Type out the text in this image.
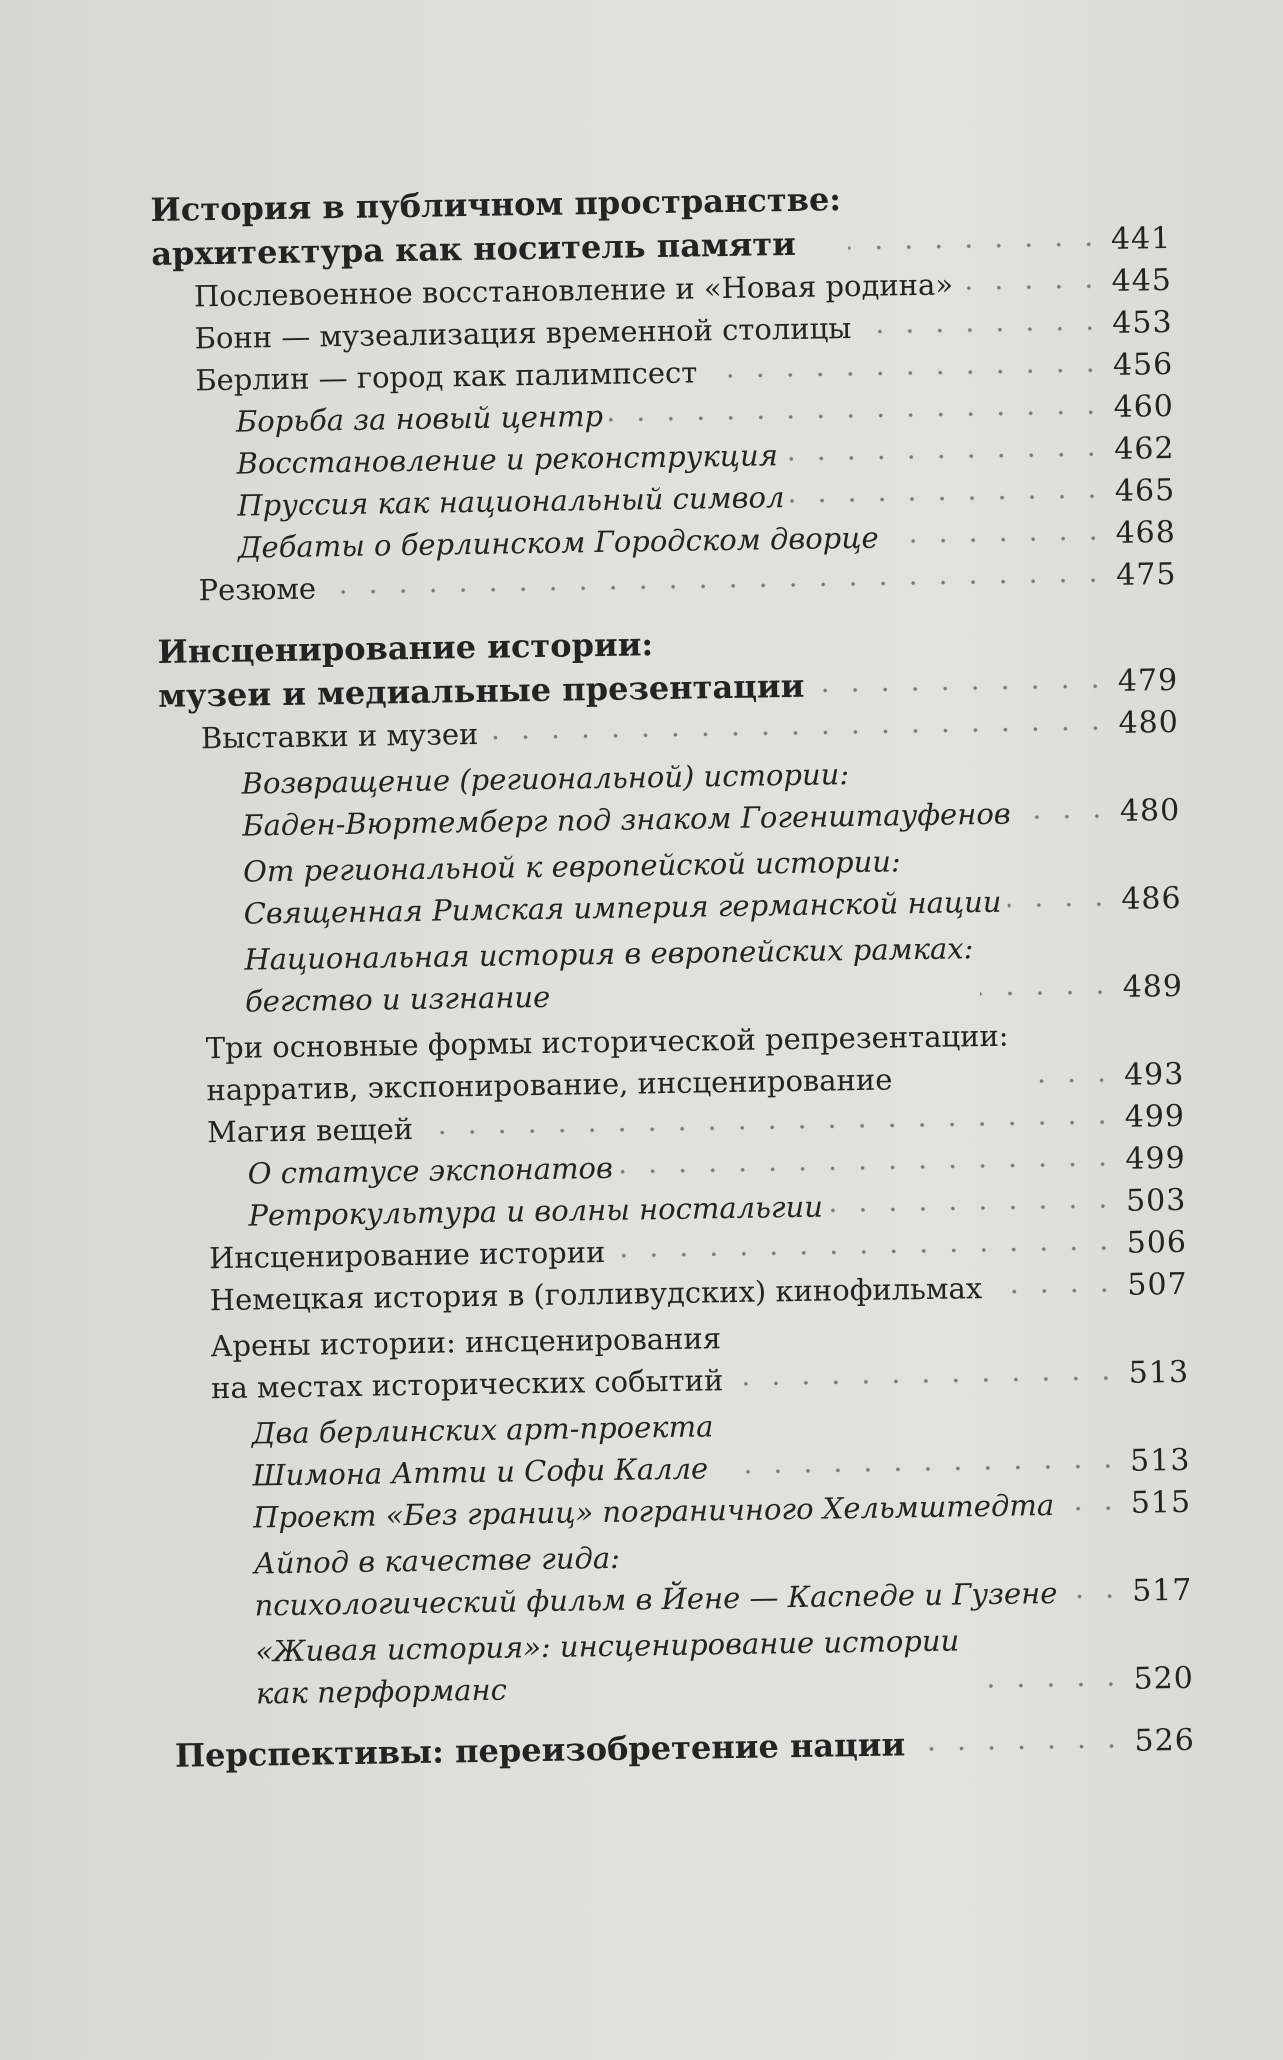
История в публичном пространстве:
архитектура как носитель памяти	441
Послевоенное восстановление и «Новая родина»	445
Бонн — музеализация временной столицы	453
Берлин — город как палимпсест	456
Борьба за новый центр	460
Восстановление и реконструкция	462
Пруссия как национальный символ	465
Дебаты о берлинском Городском дворце	468
Резюме	475
Инсценирование истории:
музеи и медиальные презентации	479
Выставки и музеи	480
Возвращение (региональной) истории:
Баден-Вюртемберг под знаком Гогенштауфенов	480
От региональной к европейской истории:
Священная Римская империя германской нации	486
Национальная история в европейских рамках:
бегство и изгнание	489
Три основные формы исторической репрезентации:
нарратив, экспонирование, инсценирование	493
Магия вещей	499
О статусе экспонатов	499
Ретрокультура и волны ностальгии	503
Инсценирование истории	506
Немецкая история в (голливудских) кинофильмах	507
Арены истории: инсценирования
на местах исторических событий	513
Два берлинских арт-проекта
Шимона Атти и Софи Калле	513
Проект «Без границ» пограничного Хельмштедта	515
Айпод в качестве гида:
психологический фильм в Йене — Каспеде и Гузене 517
«Живая история»: инсценирование истории
как перформанс	520
Перспективы: переизобретение нации	526
